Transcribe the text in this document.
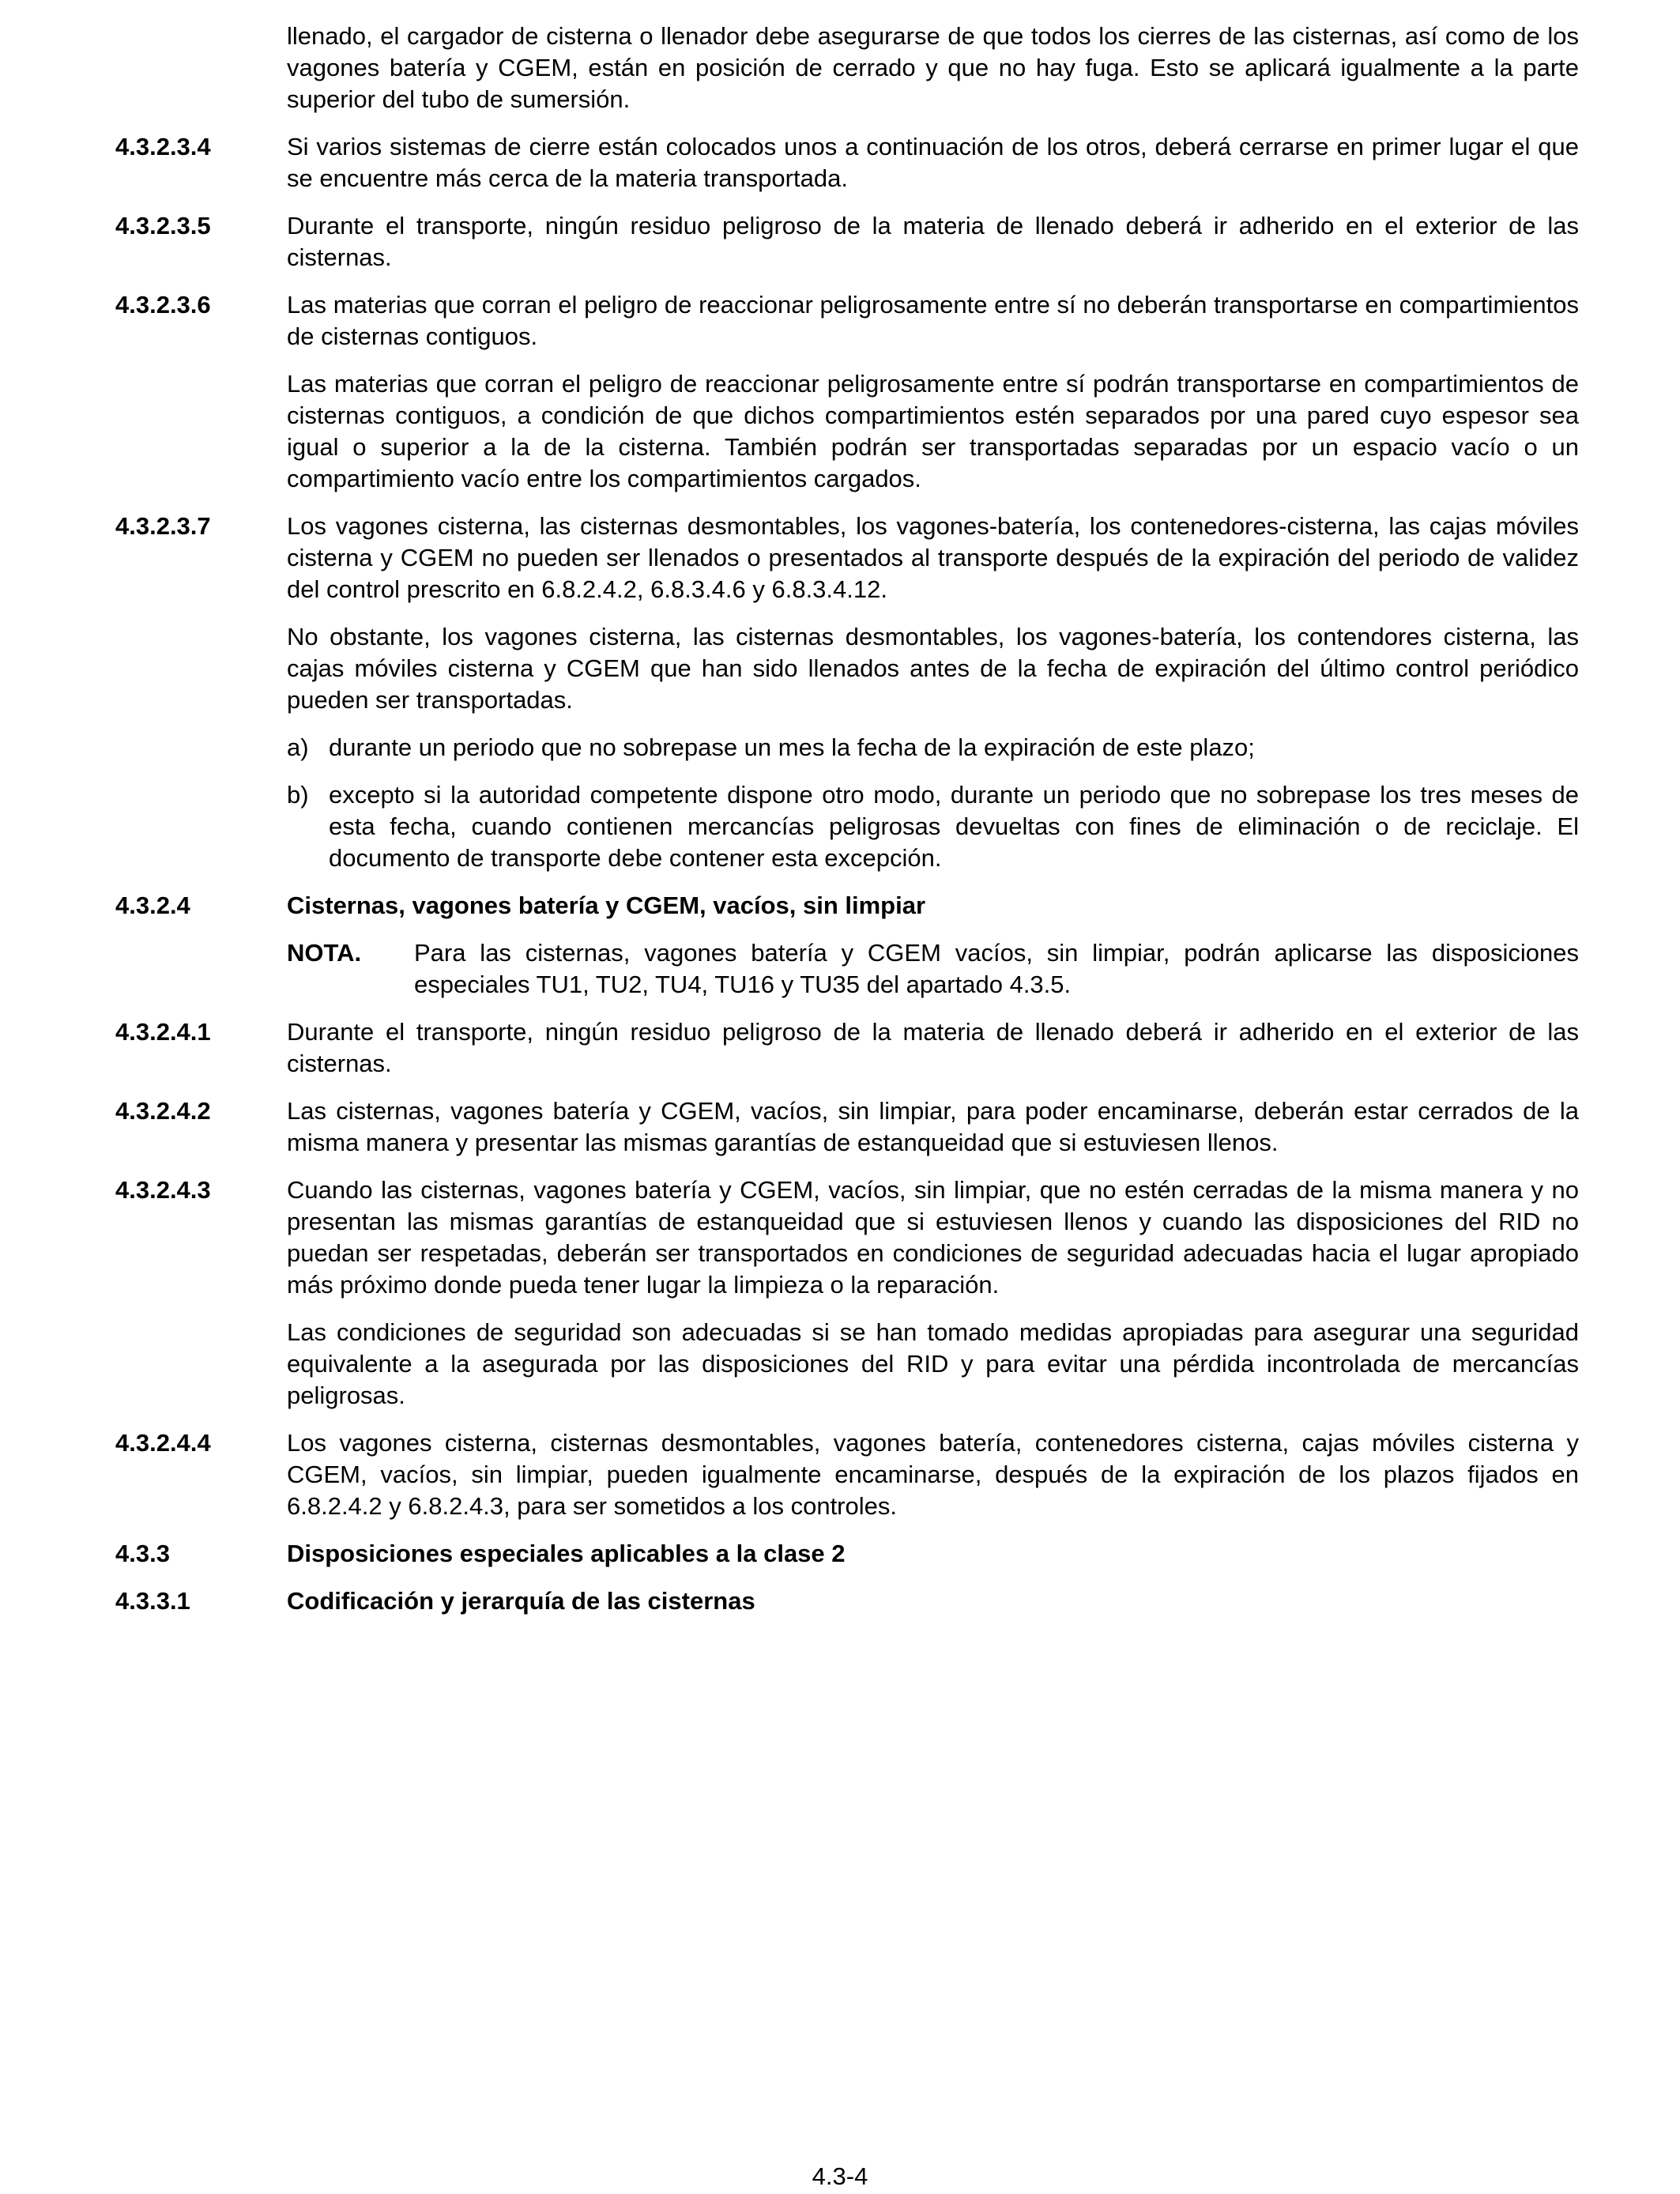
llenado, el cargador de cisterna o llenador debe asegurarse de que todos los cierres de las cisternas, así como de los vagones batería y CGEM, están en posición de cerrado y que no hay fuga. Esto se aplicará igualmente a la parte superior del tubo de sumersión.

4.3.2.3.4	Si varios sistemas de cierre están colocados unos a continuación de los otros, deberá cerrarse en primer lugar el que se encuentre más cerca de la materia transportada.

4.3.2.3.5	Durante el transporte, ningún residuo peligroso de la materia de llenado deberá ir adherido en el exterior de las cisternas.

4.3.2.3.6	Las materias que corran el peligro de reaccionar peligrosamente entre sí no deberán transportarse en compartimientos de cisternas contiguos.

Las materias que corran el peligro de reaccionar peligrosamente entre sí podrán transportarse en compartimientos de cisternas contiguos, a condición de que dichos compartimientos estén separados por una pared cuyo espesor sea igual o superior a la de la cisterna. También podrán ser transportadas separadas por un espacio vacío o un compartimiento vacío entre los compartimientos cargados.

4.3.2.3.7	Los vagones cisterna, las cisternas desmontables, los vagones-batería, los contenedores-cisterna, las cajas móviles cisterna y CGEM no pueden ser llenados o presentados al transporte después de la expiración del periodo de validez del control prescrito en 6.8.2.4.2, 6.8.3.4.6 y 6.8.3.4.12.

No obstante, los vagones cisterna, las cisternas desmontables, los vagones-batería, los contendores cisterna, las cajas móviles cisterna y CGEM que han sido llenados antes de la fecha de expiración del último control periódico pueden ser transportadas.

a) durante un periodo que no sobrepase un mes la fecha de la expiración de este plazo;

b) excepto si la autoridad competente dispone otro modo, durante un periodo que no sobrepase los tres meses de esta fecha, cuando contienen mercancías peligrosas devueltas con fines de eliminación o de reciclaje. El documento de transporte debe contener esta excepción.

4.3.2.4	Cisternas, vagones batería y CGEM, vacíos, sin limpiar

NOTA. Para las cisternas, vagones batería y CGEM vacíos, sin limpiar, podrán aplicarse las disposiciones especiales TU1, TU2, TU4, TU16 y TU35 del apartado 4.3.5.

4.3.2.4.1	Durante el transporte, ningún residuo peligroso de la materia de llenado deberá ir adherido en el exterior de las cisternas.

4.3.2.4.2	Las cisternas, vagones batería y CGEM, vacíos, sin limpiar, para poder encaminarse, deberán estar cerrados de la misma manera y presentar las mismas garantías de estanqueidad que si estuviesen llenos.

4.3.2.4.3	Cuando las cisternas, vagones batería y CGEM, vacíos, sin limpiar, que no estén cerradas de la misma manera y no presentan las mismas garantías de estanqueidad que si estuviesen llenos y cuando las disposiciones del RID no puedan ser respetadas, deberán ser transportados en condiciones de seguridad adecuadas hacia el lugar apropiado más próximo donde pueda tener lugar la limpieza o la reparación.

Las condiciones de seguridad son adecuadas si se han tomado medidas apropiadas para asegurar una seguridad equivalente a la asegurada por las disposiciones del RID y para evitar una pérdida incontrolada de mercancías peligrosas.

4.3.2.4.4	Los vagones cisterna, cisternas desmontables, vagones batería, contenedores cisterna, cajas móviles cisterna y CGEM, vacíos, sin limpiar, pueden igualmente encaminarse, después de la expiración de los plazos fijados en 6.8.2.4.2 y 6.8.2.4.3, para ser sometidos a los controles.

4.3.3	Disposiciones especiales aplicables a la clase 2

4.3.3.1	Codificación y jerarquía de las cisternas

4.3-4
